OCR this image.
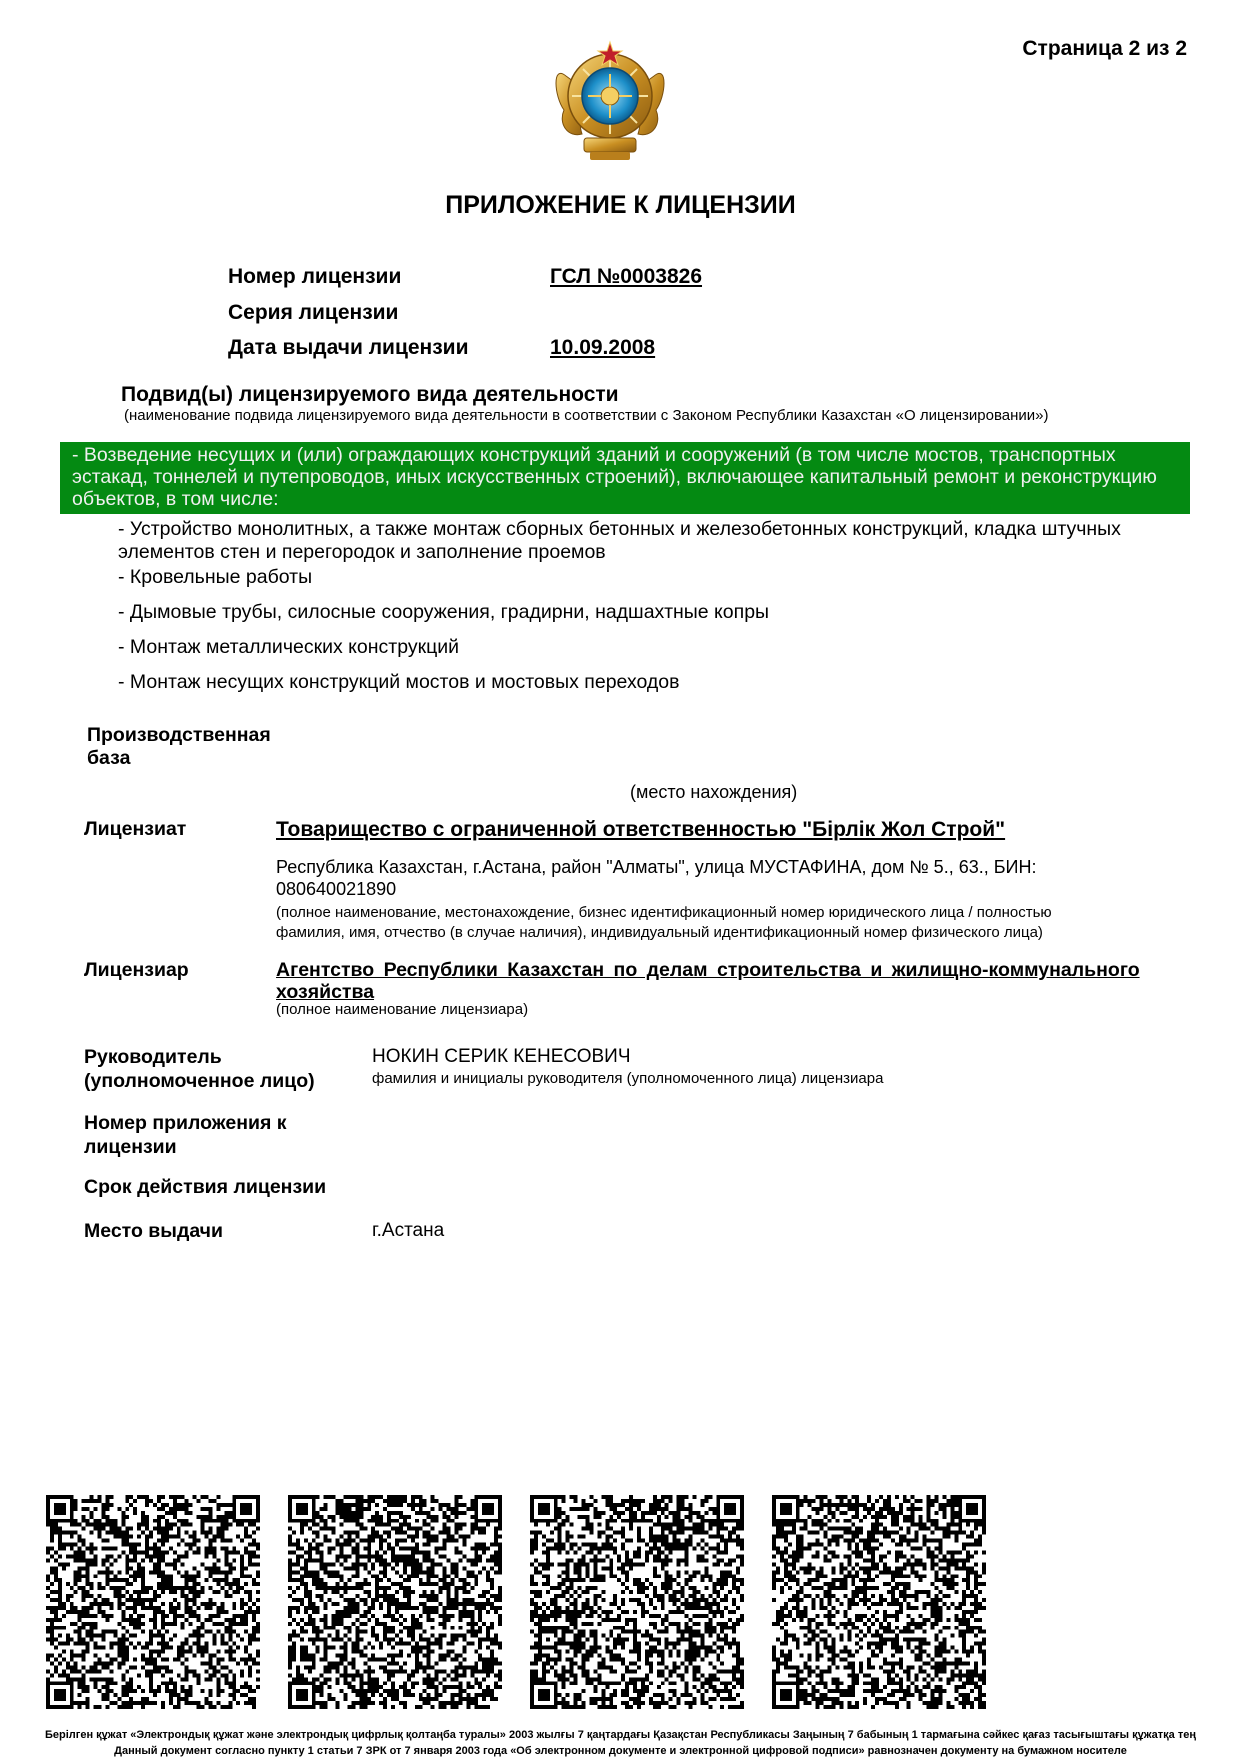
Страница 2 из 2
ПРИЛОЖЕНИЕ К ЛИЦЕНЗИИ
Номер лицензии	ГСЛ №0003826
Серия лицензии
Дата выдачи лицензии	10.09.2008
Подвид(ы) лицензируемого вида деятельности
(наименование подвида лицензируемого вида деятельности в соответствии с Законом Республики Казахстан «О лицензировании»)
- Возведение несущих и (или) ограждающих конструкций зданий и сооружений (в том числе мостов, транспортных эстакад, тоннелей и путепроводов, иных искусственных строений), включающее капитальный ремонт и реконструкцию объектов, в том числе:
- Устройство монолитных, а также монтаж сборных бетонных и железобетонных конструкций, кладка штучных элементов стен и перегородок и заполнение проемов
- Кровельные работы
- Дымовые трубы, силосные сооружения, градирни, надшахтные копры
- Монтаж металлических конструкций
- Монтаж несущих конструкций мостов и мостовых переходов
Производственная база
(место нахождения)
Лицензиат	Товарищество с ограниченной ответственностью "Бірлік Жол Строй"
Республика Казахстан, г.Астана, район "Алматы", улица МУСТАФИНА, дом № 5., 63., БИН:
080640021890
(полное наименование, местонахождение, бизнес идентификационный номер юридического лица / полностью
фамилия, имя, отчество (в случае наличия), индивидуальный идентификационный номер физического лица)
Лицензиар	Агентство Республики Казахстан по делам строительства и жилищно-коммунального хозяйства
(полное наименование лицензиара)
Руководитель
(уполномоченное лицо)
НОКИН СЕРИК КЕНЕСОВИЧ
фамилия и инициалы руководителя (уполномоченного лица) лицензиара
Номер приложения к
лицензии
Срок действия лицензии
Место выдачи	г.Астана
Берілген құжат «Электрондық құжат және электрондық цифрлық қолтаңба туралы» 2003 жылғы 7 қаңтардағы Қазақстан Республикасы Заңының 7 бабының 1 тармағына сәйкес қағаз тасығыштағы құжатқа тең
Данный документ согласно пункту 1 статьи 7 ЗРК от 7 января 2003 года «Об электронном документе и электронной цифровой подписи» равнозначен документу на бумажном носителе
